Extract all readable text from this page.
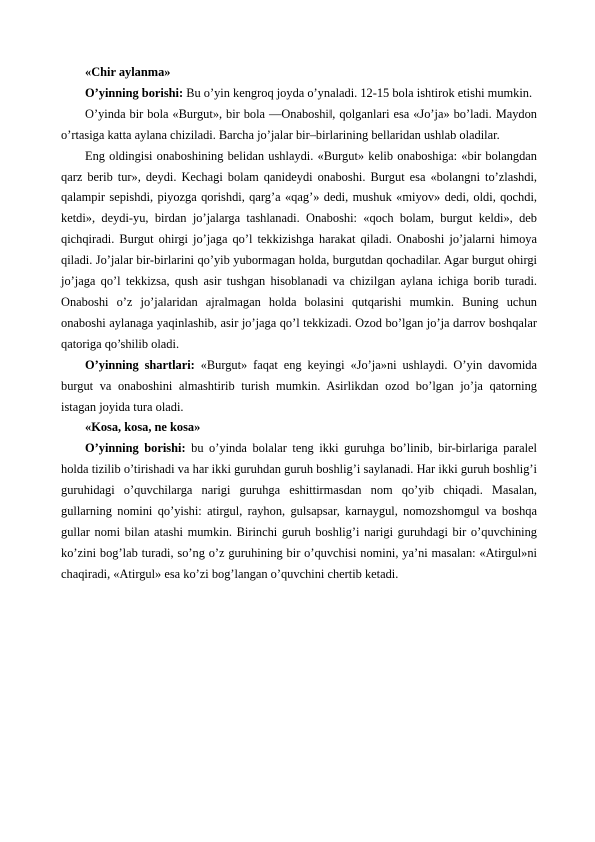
«Chir aylanma»

O’yinning borishi: Bu o’yin kengroq joyda o’ynaladi. 12-15 bola ishtirok etishi mumkin.

O’yinda bir bola «Burgut», bir bola ―Onaboshi‖, qolganlari esa «Jo’ja» bo’ladi. Maydon o’rtasiga katta aylana chiziladi. Barcha jo’jalar bir–birlarining bellaridan ushlab oladilar.

Eng oldingisi onaboshining belidan ushlaydi. «Burgut» kelib onaboshiga: «bir bolangdan qarz berib tur», deydi. Kechagi bolam qanideydi onaboshi. Burgut esa «bolangni to’zlashdi, qalampir sepishdi, piyozga qorishdi, qarg’a «qag’» dedi, mushuk «miyov» dedi, oldi, qochdi, ketdi», deydi-yu, birdan jo’jalarga tashlanadi. Onaboshi: «qoch bolam, burgut keldi», deb qichqiradi. Burgut ohirgi jo’jaga qo’l tekkizishga harakat qiladi. Onaboshi jo’jalarni himoya qiladi. Jo’jalar bir-birlarini qo’yib yubormagan holda, burgutdan qochadilar. Agar burgut ohirgi jo’jaga qo’l tekkizsa, qush asir tushgan hisoblanadi va chizilgan aylana ichiga borib turadi. Onaboshi o’z jo’jalaridan ajralmagan holda bolasini qutqarishi mumkin. Buning uchun onaboshi aylanaga yaqinlashib, asir jo’jaga qo’l tekkizadi. Ozod bo’lgan jo’ja darrov boshqalar qatoriga qo’shilib oladi.

O’yinning shartlari: «Burgut» faqat eng keyingi «Jo’ja»ni ushlaydi. O’yin davomida burgut va onaboshini almashtirib turish mumkin. Asirlikdan ozod bo’lgan jo’ja qatorning istagan joyida tura oladi.

«Kosa, kosa, ne kosa»

O’yinning borishi: bu o’yinda bolalar teng ikki guruhga bo’linib, bir-birlariga paralel holda tizilib o’tirishadi va har ikki guruhdan guruh boshlig’i saylanadi. Har ikki guruh boshlig’i guruhidagi o’quvchilarga narigi guruhga eshittirmasdan nom qo’yib chiqadi. Masalan, gullarning nomini qo’yishi: atirgul, rayhon, gulsapsar, karnaygul, nomozshomgul va boshqa gullar nomi bilan atashi mumkin. Birinchi guruh boshlig’i narigi guruhdagi bir o’quvchining ko’zini bog’lab turadi, so’ng o’z guruhining bir o’quvchisi nomini, ya’ni masalan: «Atirgul»ni chaqiradi, «Atirgul» esa ko’zi bog’langan o’quvchini chertib ketadi.
